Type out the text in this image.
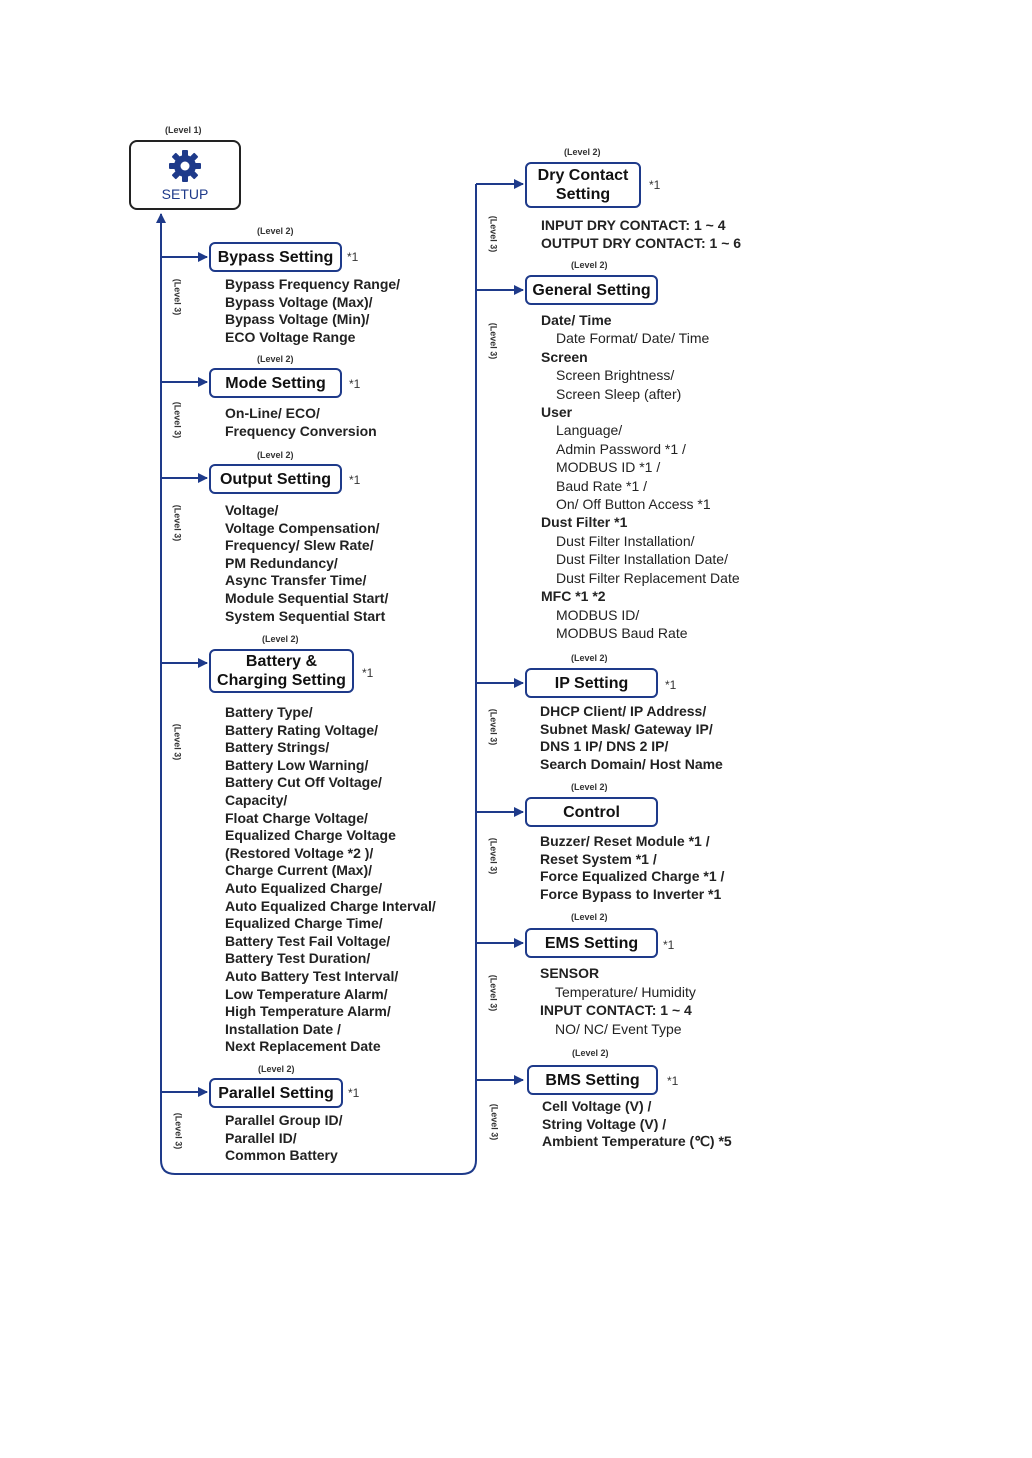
(Level 1)
SETUP
(Level 2)
Bypass Setting *1
(Level 3)	Bypass Frequency Range/
Bypass Voltage (Max)/
Bypass Voltage (Min)/
ECO Voltage Range
(Level 2)
Mode Setting *1
(Level 3)	On-Line/ ECO/
Frequency Conversion
(Level 2)
Output Setting *1
(Level 3)	Voltage/
Voltage Compensation/
Frequency/ Slew Rate/
PM Redundancy/
Async Transfer Time/
Module Sequential Start/
System Sequential Start
(Level 2)
Battery &
Charging Setting *1
(Level 3)
Battery Type/
Battery Rating Voltage/
Battery Strings/
Battery Low Warning/
Battery Cut Off Voltage/
Capacity/
Float Charge Voltage/
Equalized Charge Voltage
(Restored Voltage *2 )/
Charge Current (Max)/
Auto Equalized Charge/
Auto Equalized Charge Interval/
Equalized Charge Time/
Battery Test Fail Voltage/
Battery Test Duration/
Auto Battery Test Interval/
Low Temperature Alarm/
High Temperature Alarm/
Installation Date /
Next Replacement Date
(Level 2)
Parallel Setting *1
(Level 3)	Parallel Group ID/
Parallel ID/
Common Battery
(Level 2)
Dry Contact
Setting
*1
(Level 3)	INPUT DRY CONTACT: 1 ~ 4
OUTPUT DRY CONTACT: 1 ~ 6
(Level 2)
General Setting
(Level 3)
Date/ Time
Date Format/ Date/ Time
Screen
Screen Brightness/
Screen Sleep (after)
User
Language/
Admin Password *1 /
MODBUS ID *1 /
Baud Rate *1 /
On/ Off Button Access *1
Dust Filter *1
Dust Filter Installation/
Dust Filter Installation Date/
Dust Filter Replacement Date
MFC *1 *2
MODBUS ID/
MODBUS Baud Rate
(Level 2)
IP Setting	*1
(Level 3)	DHCP Client/ IP Address/
Subnet Mask/ Gateway IP/
DNS 1 IP/ DNS 2 IP/
Search Domain/ Host Name
(Level 2)
Control
(Level 3)	Buzzer/ Reset Module *1 /
Reset System *1 /
Force Equalized Charge *1 /
Force Bypass to Inverter *1
(Level 2)
EMS Setting *1
(Level 3)
SENSOR
Temperature/ Humidity
INPUT CONTACT: 1 ~ 4
NO/ NC/ Event Type
(Level 2)
BMS Setting *1
(Level 3)	Cell Voltage (V) /
String Voltage (V) /
Ambient Temperature (℃) *5
